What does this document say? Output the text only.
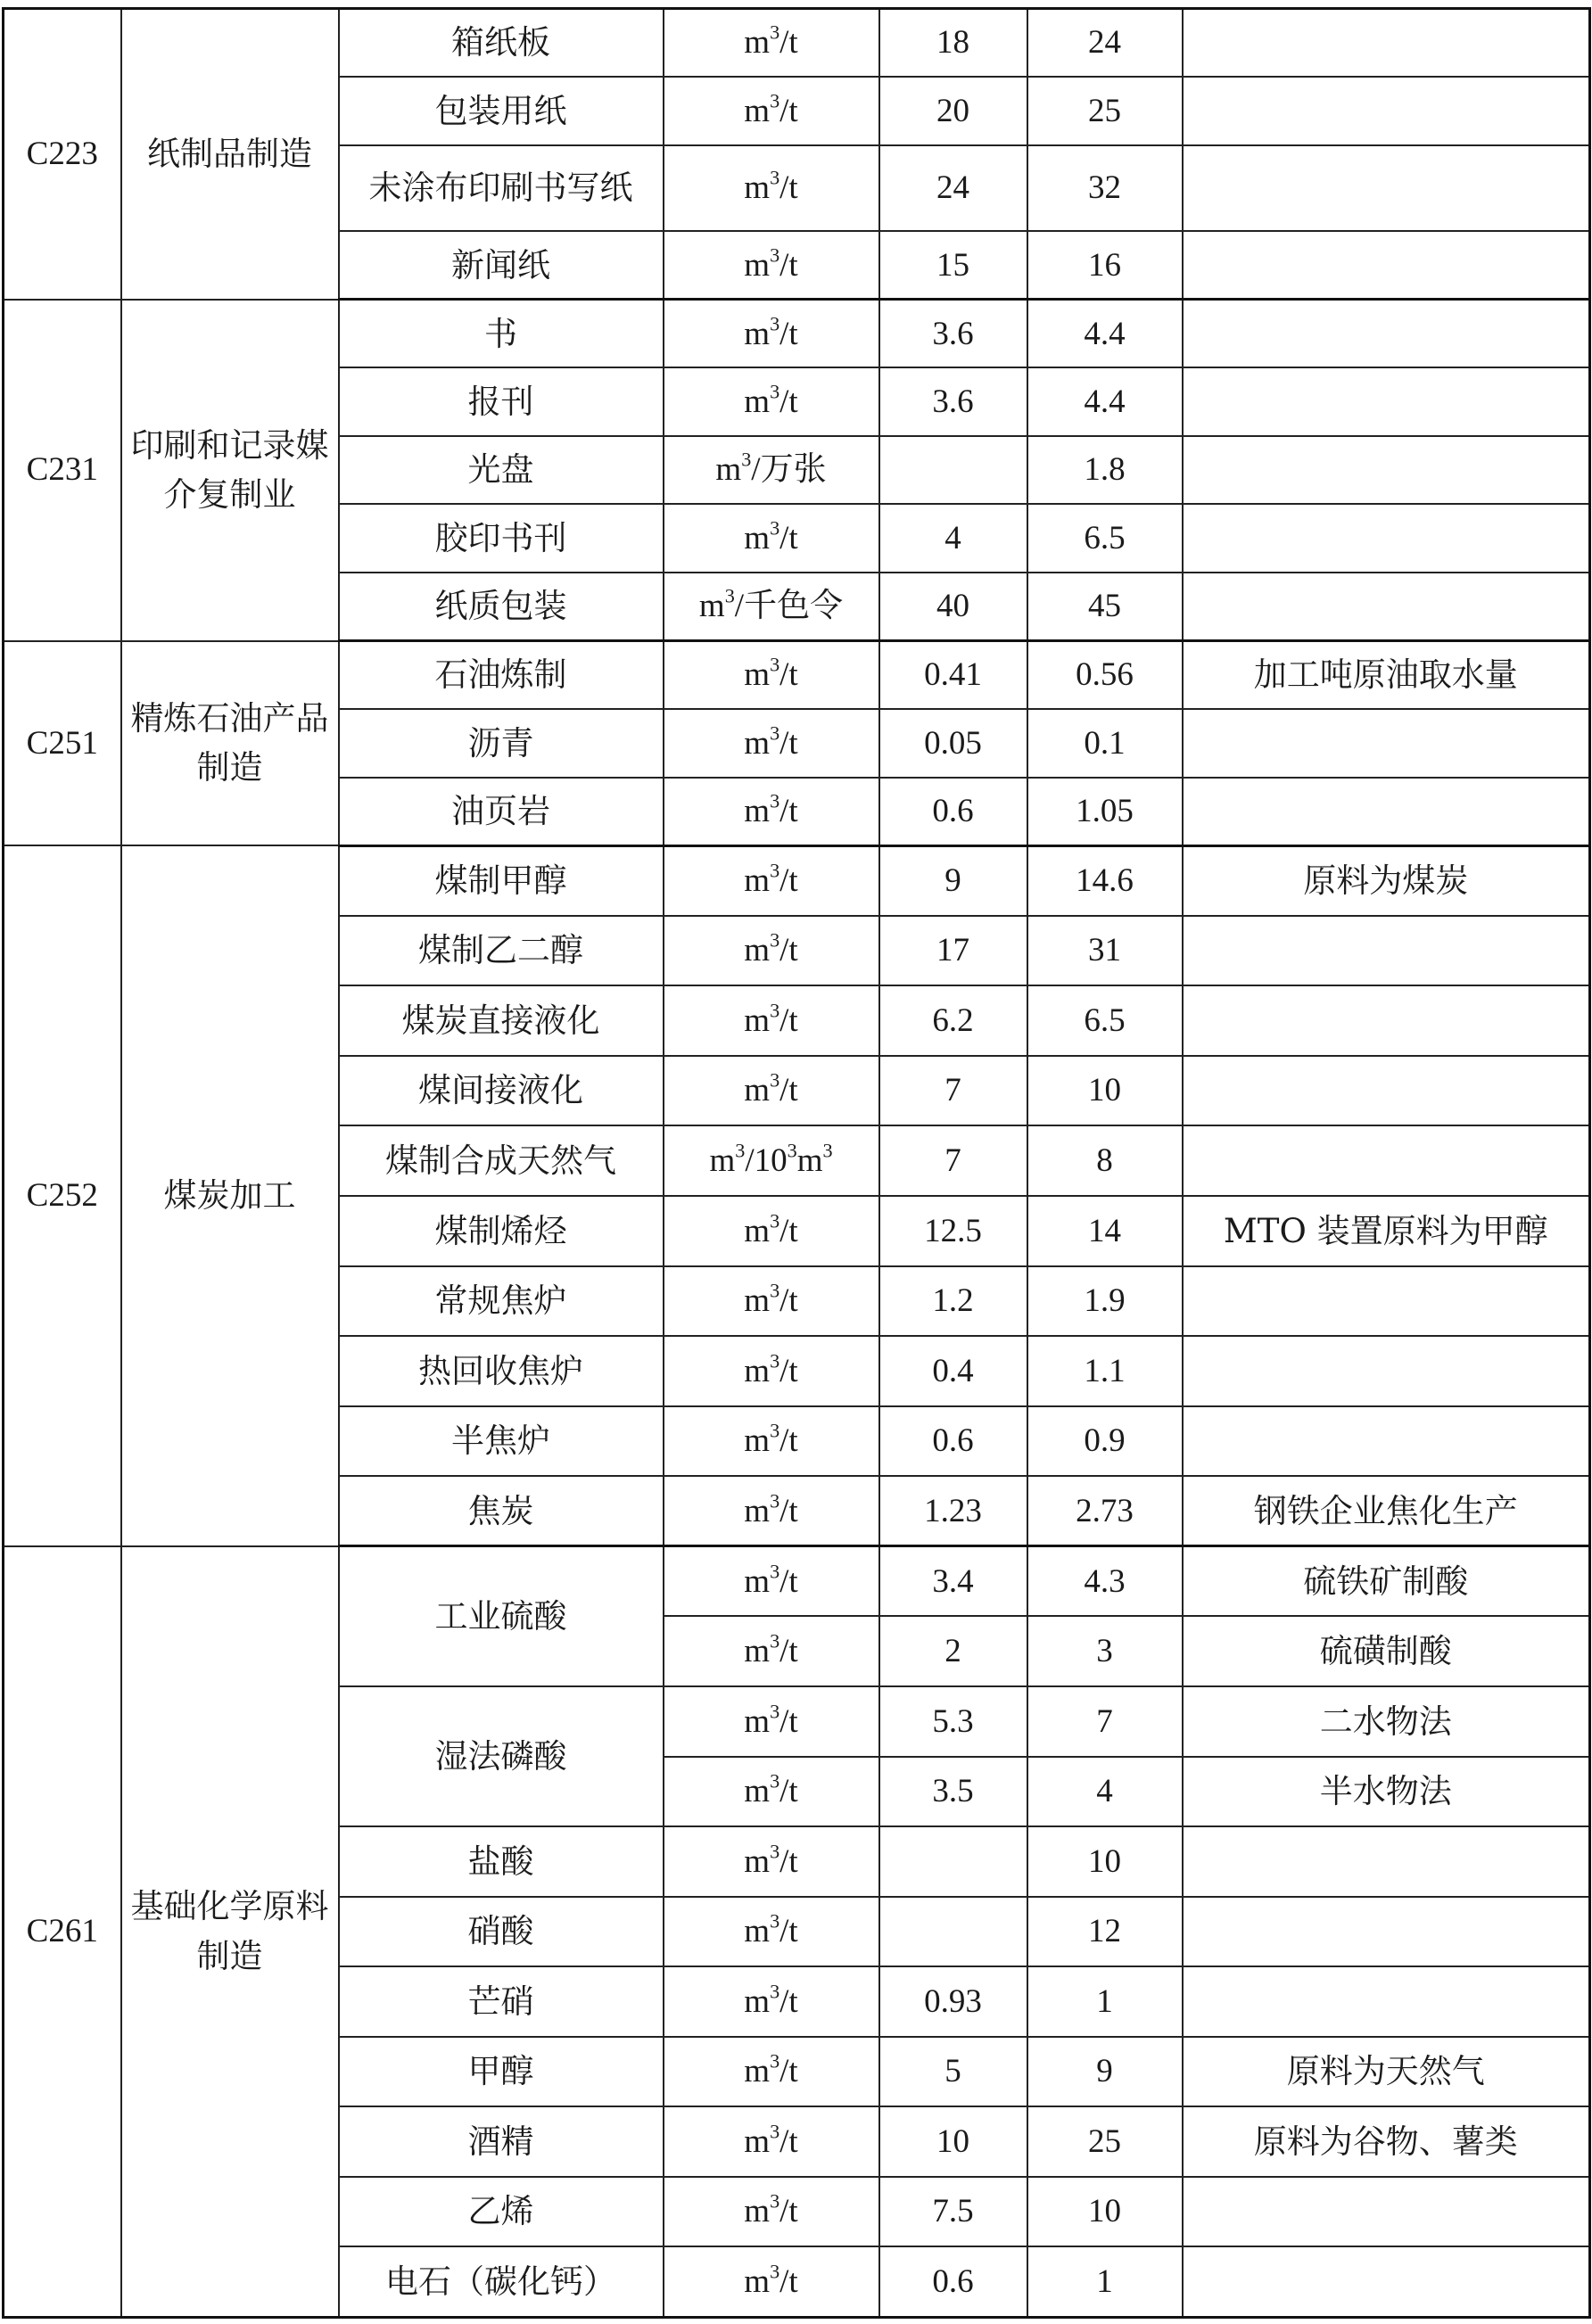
C223	纸制品制造	箱纸板	$m^3/t$	18	24	
		包装用纸	$m^3/t$	20	25	
		未涂布印刷书写纸	$m^3/t$	24	32	
		新闻纸	$m^3/t$	15	16	
C231	印刷和记录媒介复制业	书	$m^3/t$	3.6	4.4	
		报刊	$m^3/t$	3.6	4.4	
		光盘	$m^3/$万张		1.8	
		胶印书刊	$m^3/t$	4	6.5	
		纸质包装	$m^3/$千色令	40	45	
C251	精炼石油产品制造	石油炼制	$m^3/t$	0.41	0.56	加工吨原油取水量
		沥青	$m^3/t$	0.05	0.1	
		油页岩	$m^3/t$	0.6	1.05	
C252	煤炭加工	煤制甲醇	$m^3/t$	9	14.6	原料为煤炭
		煤制乙二醇	$m^3/t$	17	31	
		煤炭直接液化	$m^3/t$	6.2	6.5	
		煤间接液化	$m^3/t$	7	10	
		煤制合成天然气	$m^3/10^3m^3$	7	8	
		煤制烯烃	$m^3/t$	12.5	14	MTO 装置原料为甲醇
		常规焦炉	$m^3/t$	1.2	1.9	
		热回收焦炉	$m^3/t$	0.4	1.1	
		半焦炉	$m^3/t$	0.6	0.9	
		焦炭	$m^3/t$	1.23	2.73	钢铁企业焦化生产
C261	基础化学原料制造	工业硫酸	$m^3/t$	3.4	4.3	硫铁矿制酸
			$m^3/t$	2	3	硫磺制酸
		湿法磷酸	$m^3/t$	5.3	7	二水物法
			$m^3/t$	3.5	4	半水物法
		盐酸	$m^3/t$		10	
		硝酸	$m^3/t$		12	
		芒硝	$m^3/t$	0.93	1	
		甲醇	$m^3/t$	5	9	原料为天然气
		酒精	$m^3/t$	10	25	原料为谷物、薯类
		乙烯	$m^3/t$	7.5	10	
		电石（碳化钙）	$m^3/t$	0.6	1	
